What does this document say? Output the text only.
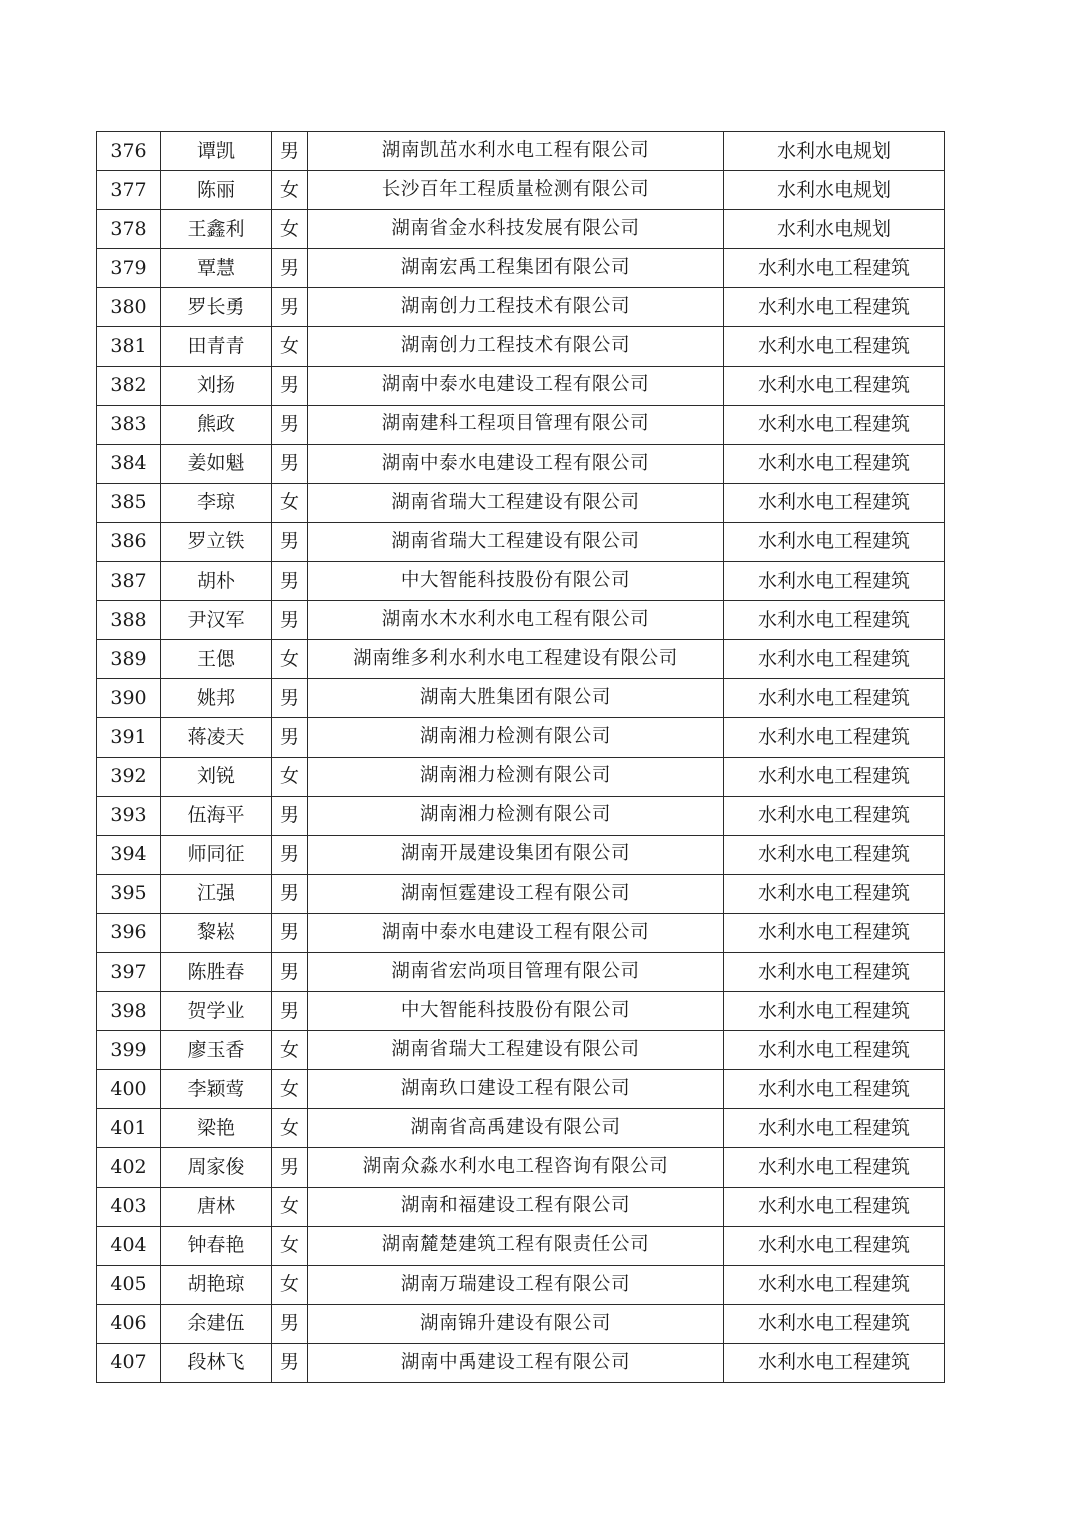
376	谭凯	男	湖南凯茁水利水电工程有限公司	水利水电规划
377	陈丽	女	长沙百年工程质量检测有限公司	水利水电规划
378	王鑫利	女	湖南省金水科技发展有限公司	水利水电规划
379	覃慧	男	湖南宏禹工程集团有限公司	水利水电工程建筑
380	罗长勇	男	湖南创力工程技术有限公司	水利水电工程建筑
381	田青青	女	湖南创力工程技术有限公司	水利水电工程建筑
382	刘扬	男	湖南中泰水电建设工程有限公司	水利水电工程建筑
383	熊政	男	湖南建科工程项目管理有限公司	水利水电工程建筑
384	姜如魁	男	湖南中泰水电建设工程有限公司	水利水电工程建筑
385	李琼	女	湖南省瑞大工程建设有限公司	水利水电工程建筑
386	罗立铁	男	湖南省瑞大工程建设有限公司	水利水电工程建筑
387	胡朴	男	中大智能科技股份有限公司	水利水电工程建筑
388	尹汉军	男	湖南水木水利水电工程有限公司	水利水电工程建筑
389	王偲	女	湖南维多利水利水电工程建设有限公司	水利水电工程建筑
390	姚邦	男	湖南大胜集团有限公司	水利水电工程建筑
391	蒋凌天	男	湖南湘力检测有限公司	水利水电工程建筑
392	刘锐	女	湖南湘力检测有限公司	水利水电工程建筑
393	伍海平	男	湖南湘力检测有限公司	水利水电工程建筑
394	师同征	男	湖南开晟建设集团有限公司	水利水电工程建筑
395	江强	男	湖南恒霆建设工程有限公司	水利水电工程建筑
396	黎崧	男	湖南中泰水电建设工程有限公司	水利水电工程建筑
397	陈胜春	男	湖南省宏尚项目管理有限公司	水利水电工程建筑
398	贺学业	男	中大智能科技股份有限公司	水利水电工程建筑
399	廖玉香	女	湖南省瑞大工程建设有限公司	水利水电工程建筑
400	李颖莺	女	湖南玖口建设工程有限公司	水利水电工程建筑
401	梁艳	女	湖南省高禹建设有限公司	水利水电工程建筑
402	周家俊	男	湖南众淼水利水电工程咨询有限公司	水利水电工程建筑
403	唐林	女	湖南和福建设工程有限公司	水利水电工程建筑
404	钟春艳	女	湖南麓楚建筑工程有限责任公司	水利水电工程建筑
405	胡艳琼	女	湖南万瑞建设工程有限公司	水利水电工程建筑
406	余建伍	男	湖南锦升建设有限公司	水利水电工程建筑
407	段林飞	男	湖南中禹建设工程有限公司	水利水电工程建筑
